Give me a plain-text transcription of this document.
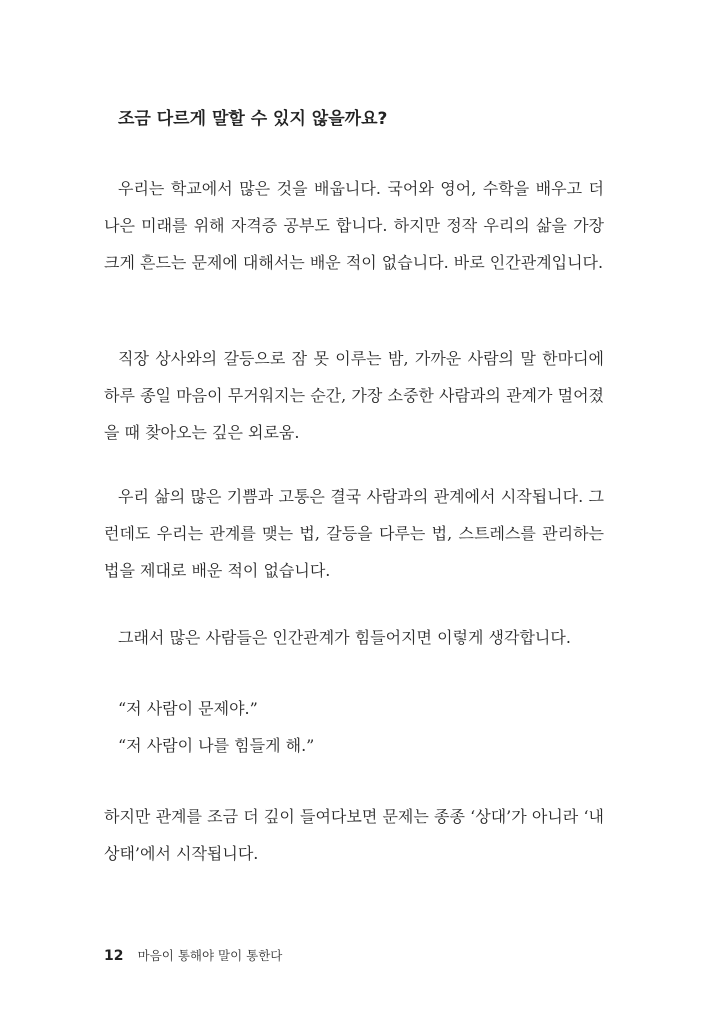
조금 다르게 말할 수 있지 않을까요?

우리는 학교에서 많은 것을 배웁니다. 국어와 영어, 수학을 배우고 더 나은 미래를 위해 자격증 공부도 합니다. 하지만 정작 우리의 삶을 가장 크게 흔드는 문제에 대해서는 배운 적이 없습니다. 바로 인간관계입니다.

직장 상사와의 갈등으로 잠 못 이루는 밤, 가까운 사람의 말 한마디에 하루 종일 마음이 무거워지는 순간, 가장 소중한 사람과의 관계가 멀어졌을 때 찾아오는 깊은 외로움.

우리 삶의 많은 기쁨과 고통은 결국 사람과의 관계에서 시작됩니다. 그런데도 우리는 관계를 맺는 법, 갈등을 다루는 법, 스트레스를 관리하는 법을 제대로 배운 적이 없습니다.

그래서 많은 사람들은 인간관계가 힘들어지면 이렇게 생각합니다.

“저 사람이 문제야.”
“저 사람이 나를 힘들게 해.”

하지만 관계를 조금 더 깊이 들여다보면 문제는 종종 ‘상대’가 아니라 ‘내 상태’에서 시작됩니다.

12 마음이 통해야 말이 통한다
